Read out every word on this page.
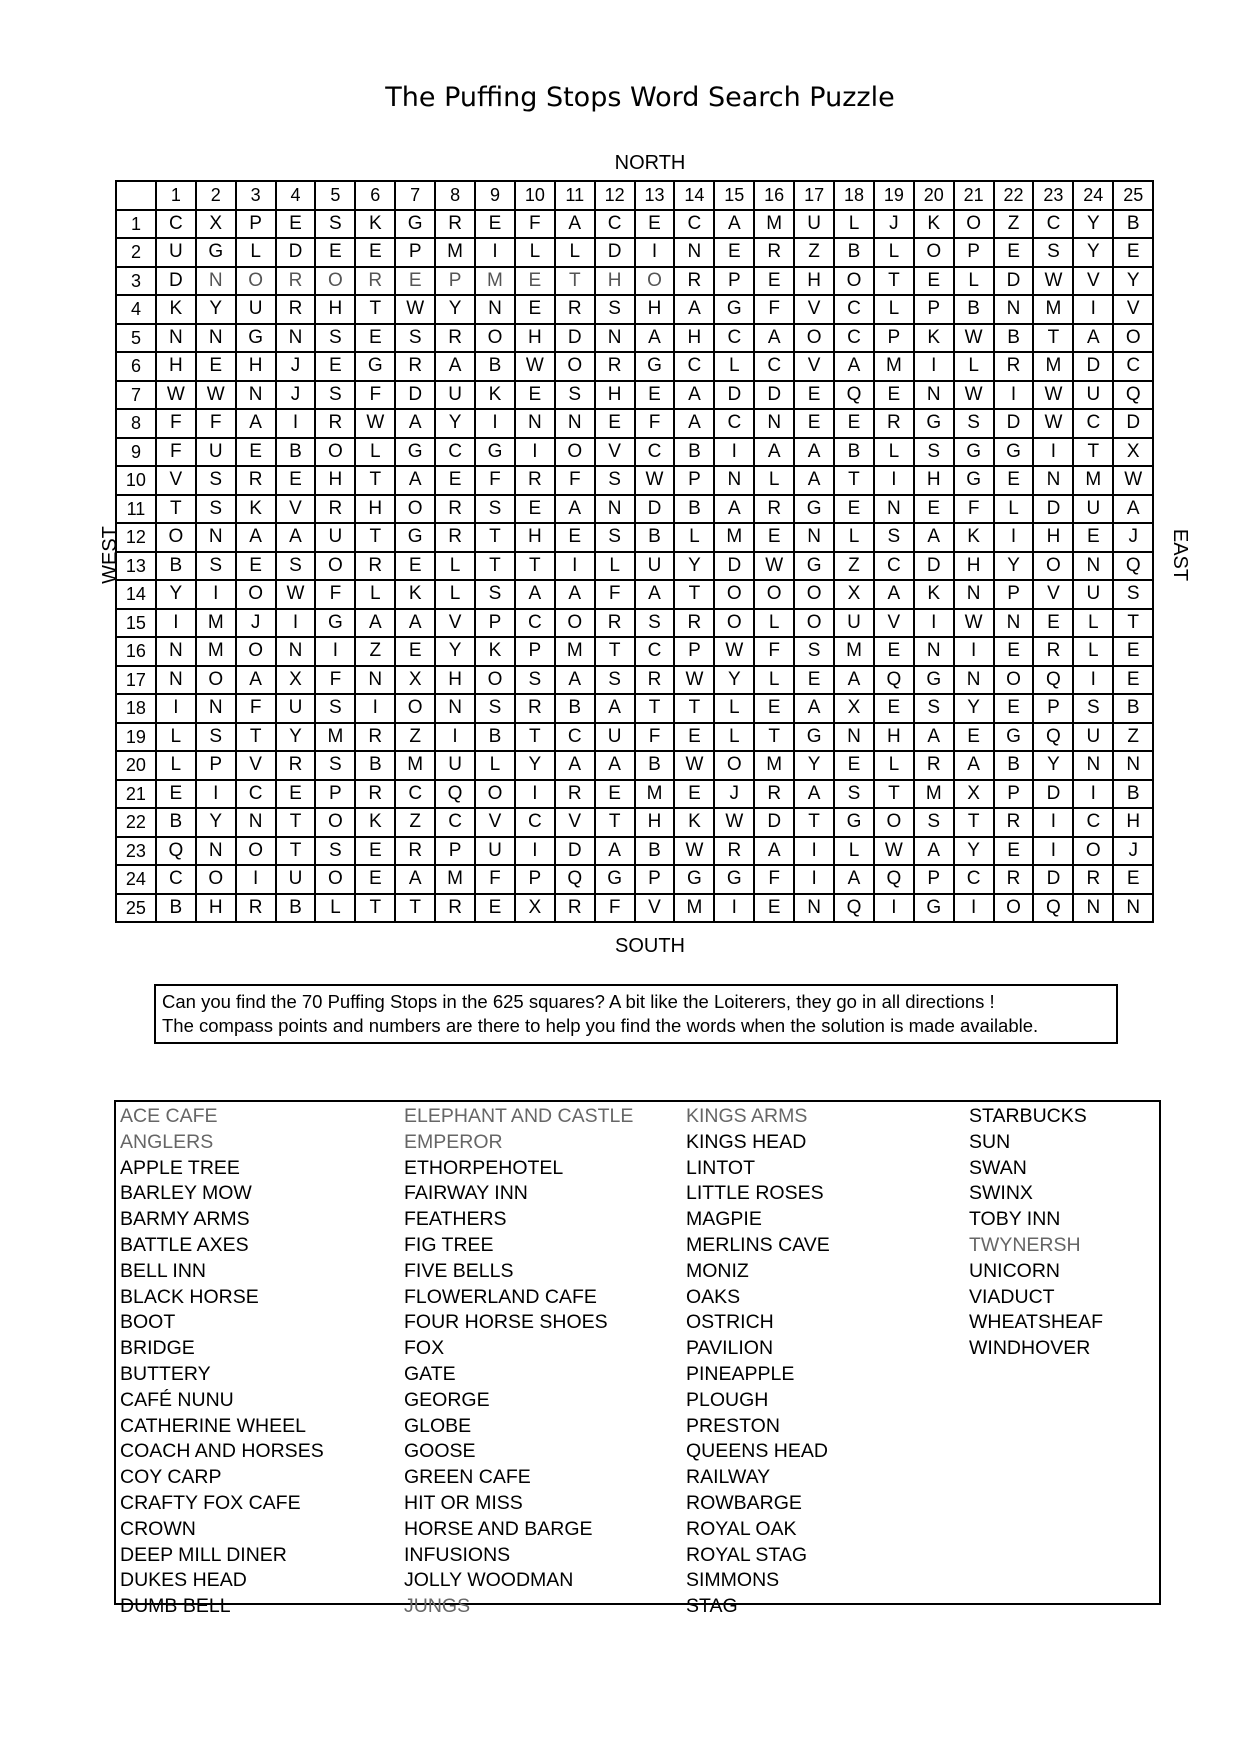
The Puffing Stops Word Search Puzzle
NORTH
SOUTH
WEST	EAST
	1	2	3	4	5	6	7	8	9	10	11	12	13	14	15	16	17	18	19	20	21	22	23	24	25
1	C	X	P	E	S	K	G	R	E	F	A	C	E	C	A	M	U	L	J	K	O	Z	C	Y	B
2	U	G	L	D	E	E	P	M	I	L	L	D	I	N	E	R	Z	B	L	O	P	E	S	Y	E
3	D	N	O	R	O	R	E	P	M	E	T	H	O	R	P	E	H	O	T	E	L	D	W	V	Y
4	K	Y	U	R	H	T	W	Y	N	E	R	S	H	A	G	F	V	C	L	P	B	N	M	I	V
5	N	N	G	N	S	E	S	R	O	H	D	N	A	H	C	A	O	C	P	K	W	B	T	A	O
6	H	E	H	J	E	G	R	A	B	W	O	R	G	C	L	C	V	A	M	I	L	R	M	D	C
7	W	W	N	J	S	F	D	U	K	E	S	H	E	A	D	D	E	Q	E	N	W	I	W	U	Q
8	F	F	A	I	R	W	A	Y	I	N	N	E	F	A	C	N	E	E	R	G	S	D	W	C	D
9	F	U	E	B	O	L	G	C	G	I	O	V	C	B	I	A	A	B	L	S	G	G	I	T	X
10	V	S	R	E	H	T	A	E	F	R	F	S	W	P	N	L	A	T	I	H	G	E	N	M	W
11	T	S	K	V	R	H	O	R	S	E	A	N	D	B	A	R	G	E	N	E	F	L	D	U	A
12	O	N	A	A	U	T	G	R	T	H	E	S	B	L	M	E	N	L	S	A	K	I	H	E	J
13	B	S	E	S	O	R	E	L	T	T	I	L	U	Y	D	W	G	Z	C	D	H	Y	O	N	Q
14	Y	I	O	W	F	L	K	L	S	A	A	F	A	T	O	O	O	X	A	K	N	P	V	U	S
15	I	M	J	I	G	A	A	V	P	C	O	R	S	R	O	L	O	U	V	I	W	N	E	L	T
16	N	M	O	N	I	Z	E	Y	K	P	M	T	C	P	W	F	S	M	E	N	I	E	R	L	E
17	N	O	A	X	F	N	X	H	O	S	A	S	R	W	Y	L	E	A	Q	G	N	O	Q	I	E
18	I	N	F	U	S	I	O	N	S	R	B	A	T	T	L	E	A	X	E	S	Y	E	P	S	B
19	L	S	T	Y	M	R	Z	I	B	T	C	U	F	E	L	T	G	N	H	A	E	G	Q	U	Z
20	L	P	V	R	S	B	M	U	L	Y	A	A	B	W	O	M	Y	E	L	R	A	B	Y	N	N
21	E	I	C	E	P	R	C	Q	O	I	R	E	M	E	J	R	A	S	T	M	X	P	D	I	B
22	B	Y	N	T	O	K	Z	C	V	C	V	T	H	K	W	D	T	G	O	S	T	R	I	C	H
23	Q	N	O	T	S	E	R	P	U	I	D	A	B	W	R	A	I	L	W	A	Y	E	I	O	J
24	C	O	I	U	O	E	A	M	F	P	Q	G	P	G	G	F	I	A	Q	P	C	R	D	R	E
25	B	H	R	B	L	T	T	R	E	X	R	F	V	M	I	E	N	Q	I	G	I	O	Q	N	N
Can you find the 70 Puffing Stops in the 625 squares? A bit like the Loiterers, they go in all directions !
The compass points and numbers are there to help you find the words when the solution is made available.
ACE CAFE
ANGLERS
APPLE TREE
BARLEY MOW
BARMY ARMS
BATTLE AXES
BELL INN
BLACK HORSE
BOOT
BRIDGE
BUTTERY
CAFÉ NUNU
CATHERINE WHEEL
COACH AND HORSES
COY CARP
CRAFTY FOX CAFE
CROWN
DEEP MILL DINER
DUKES HEAD
DUMB BELL
ELEPHANT AND CASTLE
EMPEROR
ETHORPEHOTEL
FAIRWAY INN
FEATHERS
FIG TREE
FIVE BELLS
FLOWERLAND CAFE
FOUR HORSE SHOES
FOX
GATE
GEORGE
GLOBE
GOOSE
GREEN CAFE
HIT OR MISS
HORSE AND BARGE
INFUSIONS
JOLLY WOODMAN
JUNGS
KINGS ARMS
KINGS HEAD
LINTOT
LITTLE ROSES
MAGPIE
MERLINS CAVE
MONIZ
OAKS
OSTRICH
PAVILION
PINEAPPLE
PLOUGH
PRESTON
QUEENS HEAD
RAILWAY
ROWBARGE
ROYAL OAK
ROYAL STAG
SIMMONS
STAG
STARBUCKS
SUN
SWAN
SWINX
TOBY INN
TWYNERSH
UNICORN
VIADUCT
WHEATSHEAF
WINDHOVER
